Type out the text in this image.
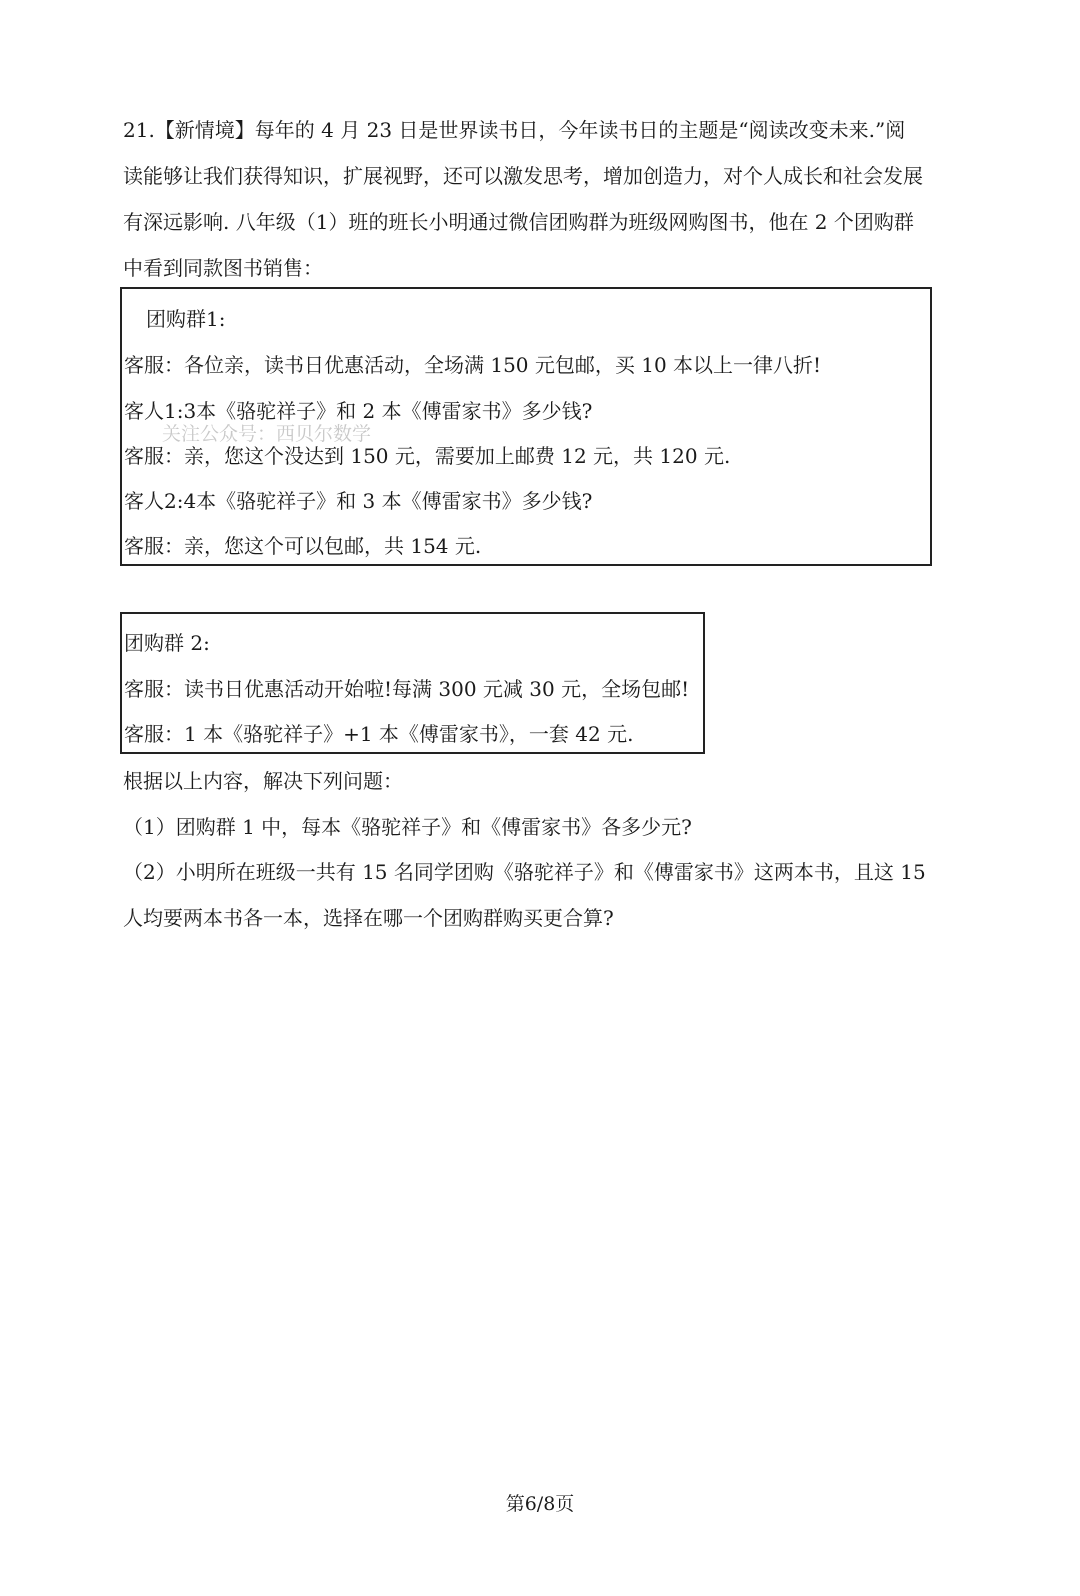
21.【新情境】每年的 4 月 23 日是世界读书日，今年读书日的主题是“阅读改变未来.”阅
读能够让我们获得知识，扩展视野，还可以激发思考，增加创造力，对个人成长和社会发展
有深远影响. 八年级（1）班的班长小明通过微信团购群为班级网购图书，他在 2 个团购群
中看到同款图书销售：
团购群1:
客服：各位亲，读书日优惠活动，全场满 150 元包邮，买 10 本以上一律八折!
客人1:3本《骆驼祥子》和 2 本《傅雷家书》多少钱?
客服：亲，您这个没达到 150 元，需要加上邮费 12 元，共 120 元.
客人2:4本《骆驼祥子》和 3 本《傅雷家书》多少钱?
客服：亲，您这个可以包邮，共 154 元.
关注公众号：西贝尔数学
团购群 2:
客服：读书日优惠活动开始啦!每满 300 元减 30 元，全场包邮!
客服：1 本《骆驼祥子》+1 本《傅雷家书》，一套 42 元.
根据以上内容，解决下列问题：
（1）团购群 1 中，每本《骆驼祥子》和《傅雷家书》各多少元?
（2）小明所在班级一共有 15 名同学团购《骆驼祥子》和《傅雷家书》这两本书，且这 15
人均要两本书各一本，选择在哪一个团购群购买更合算?
第6/8页
